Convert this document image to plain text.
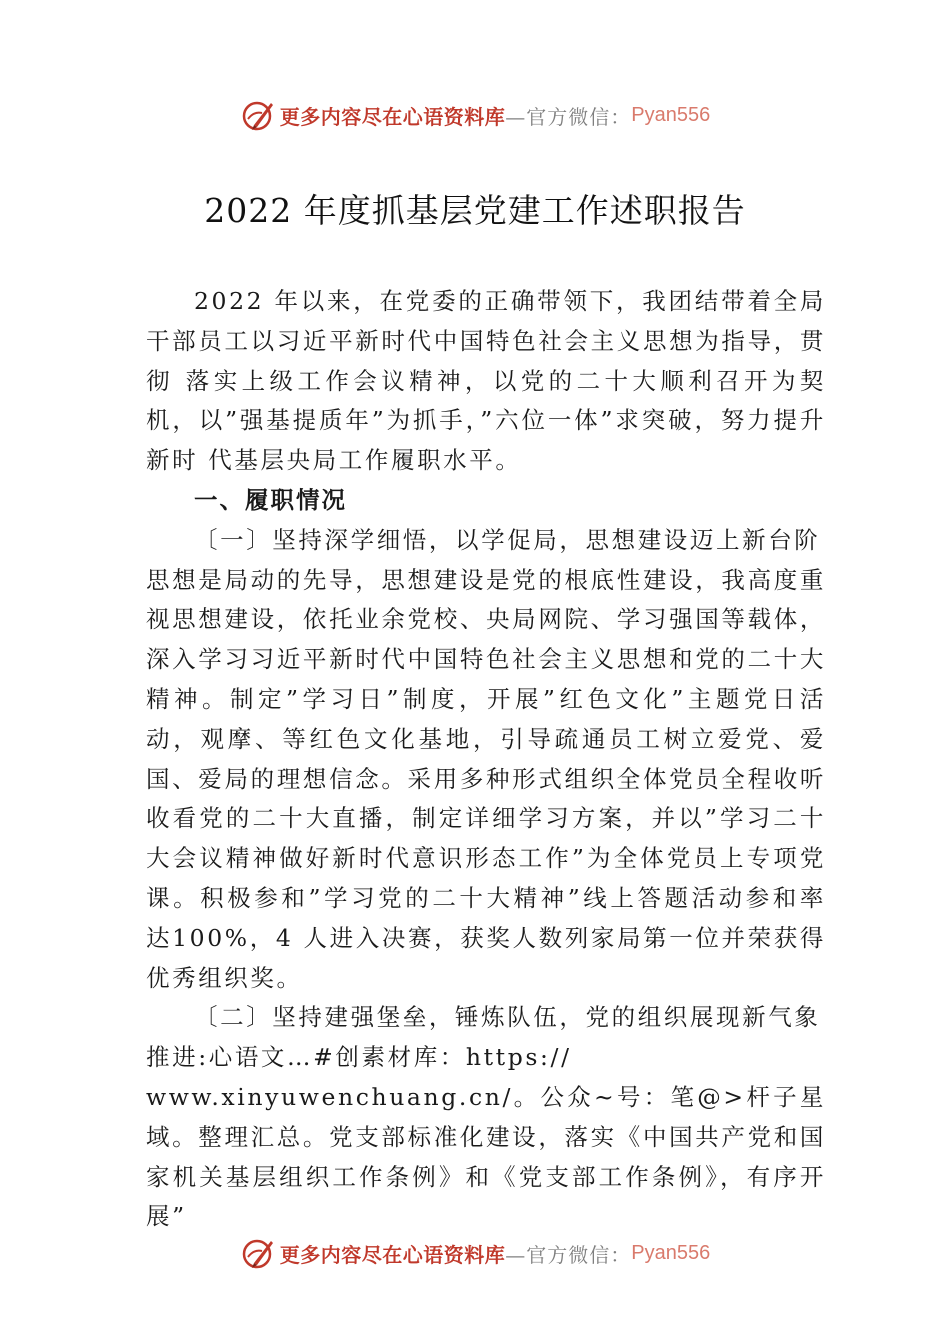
更多内容尽在心语资料库 —官方微信： Pyan556
2022 年度抓基层党建工作述职报告

2022 年以来，在党委的正确带领下，我团结带着全局干部员工以习近平新时代中国特色社会主义思想为指导，贯彻 落实上级工作会议精神，以党的二十大顺利召开为契机，以”强基提质年”为抓手，”六位一体”求突破，努力提升新时 代基层央局工作履职水平。

一、履职情况

〔一〕坚持深学细悟，以学促局，思想建设迈上新台阶

思想是局动的先导，思想建设是党的根底性建设，我高度重视思想建设，依托业余党校、央局网院、学习强国等载体， 深入学习习近平新时代中国特色社会主义思想和党的二十大精神。制定”学习日”制度，开展”红色文化”主题党日活动，观摩、等红色文化基地，引导疏通员工树立爱党、爱国、爱局的理想信念。采用多种形式组织全体党员全程收听收看党的二十大直播，制定详细学习方案，并以”学习二十大会议精神做好新时代意识形态工作”为全体党员上专项党课。积极参和”学习党的二十大精神”线上答题活动参和率达100%，4 人进入决赛，获奖人数列家局第一位并荣获得优秀组织奖。

〔二〕坚持建强堡垒，锤炼队伍，党的组织展现新气象

推进:心语文…#创素材库：https://

www.xinyuwenchuang.cn/。公众~号：笔@>杆子星域。整理汇总。党支部标准化建设，落实《中国共产党和国家机关基层组织工作条例》和《党支部工作条例》，有序开展”

更多内容尽在心语资料库 —官方微信： Pyan556
